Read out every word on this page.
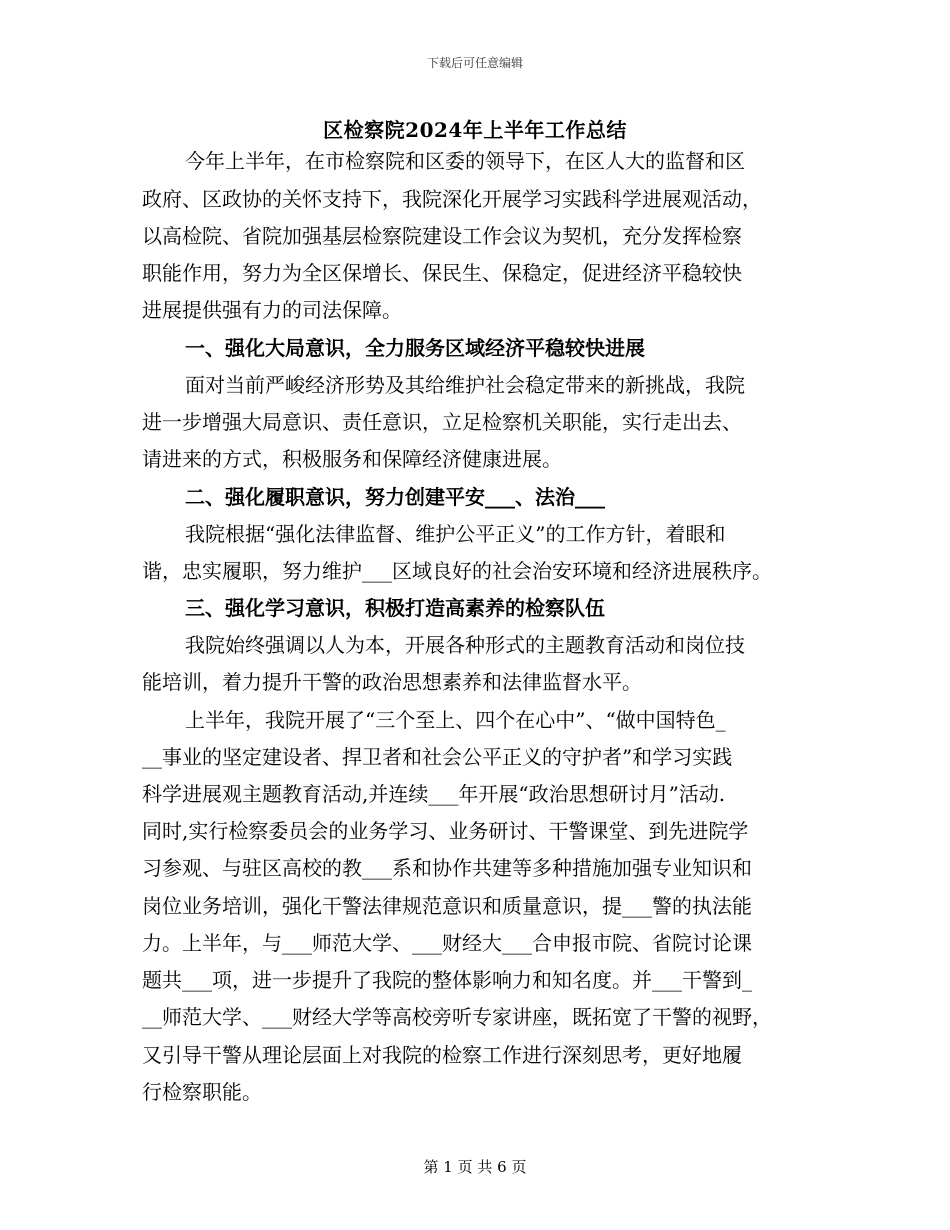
下载后可任意编辑
区检察院2024年上半年工作总结
今年上半年，在市检察院和区委的领导下，在区人大的监督和区
政府、区政协的关怀支持下，我院深化开展学习实践科学进展观活动，
以高检院、省院加强基层检察院建设工作会议为契机，充分发挥检察
职能作用，努力为全区保增长、保民生、保稳定，促进经济平稳较快
进展提供强有力的司法保障。
一、强化大局意识，全力服务区域经济平稳较快进展
面对当前严峻经济形势及其给维护社会稳定带来的新挑战，我院
进一步增强大局意识、责任意识，立足检察机关职能，实行走出去、
请进来的方式，积极服务和保障经济健康进展。
二、强化履职意识，努力创建平安___、法治___
我院根据“强化法律监督、维护公平正义”的工作方针，着眼和
谐，忠实履职，努力维护___区域良好的社会治安环境和经济进展秩序。
三、强化学习意识，积极打造高素养的检察队伍
我院始终强调以人为本，开展各种形式的主题教育活动和岗位技
能培训，着力提升干警的政治思想素养和法律监督水平。
上半年，我院开展了“三个至上、四个在心中”、“做中国特色_
__事业的坚定建设者、捍卫者和社会公平正义的守护者”和学习实践
科学进展观主题教育活动,并连续___年开展“政治思想研讨月”活动.
同时,实行检察委员会的业务学习、业务研讨、干警课堂、到先进院学
习参观、与驻区高校的教___系和协作共建等多种措施加强专业知识和
岗位业务培训，强化干警法律规范意识和质量意识，提___警的执法能
力。上半年，与___师范大学、___财经大___合申报市院、省院讨论课
题共___项，进一步提升了我院的整体影响力和知名度。并___干警到_
__师范大学、___财经大学等高校旁听专家讲座，既拓宽了干警的视野，
又引导干警从理论层面上对我院的检察工作进行深刻思考，更好地履
行检察职能。
第 1 页 共 6 页
